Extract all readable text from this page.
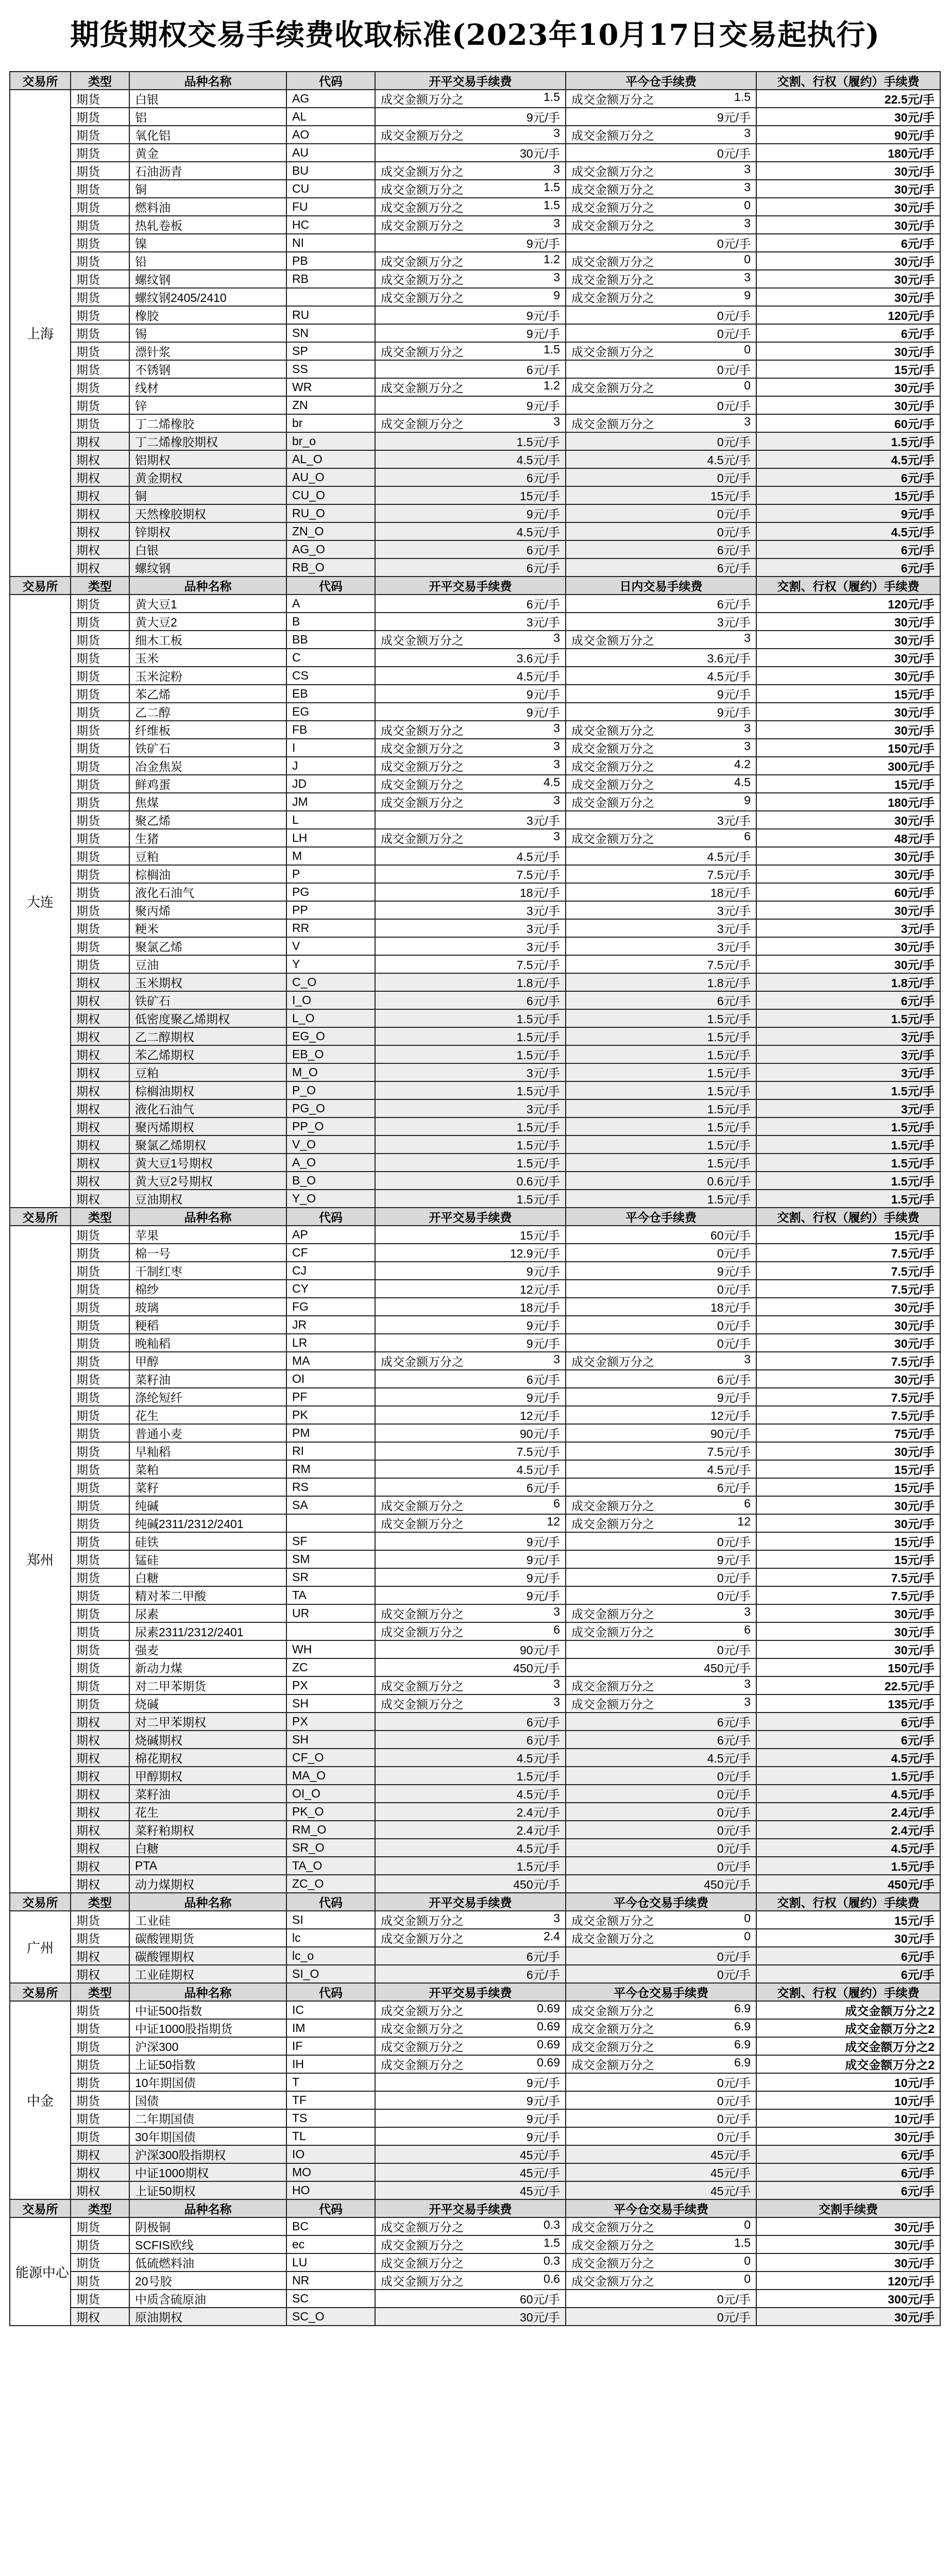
期货期权交易手续费收取标准(2023年10月17日交易起执行)
交易所	类型	品种名称	代码	开平交易手续费	平今仓手续费	交割、行权（履约）手续费
上海	期货	白银	AG	成交金额万分之 1.5	成交金额万分之 1.5	22.5元/手
	期货	铝	AL	9元/手	9元/手	30元/手
	期货	氧化铝	AO	成交金额万分之 3	成交金额万分之 3	90元/手
	期货	黄金	AU	30元/手	0元/手	180元/手
	期货	石油沥青	BU	成交金额万分之 3	成交金额万分之 3	30元/手
	期货	铜	CU	成交金额万分之 1.5	成交金额万分之 3	30元/手
	期货	燃料油	FU	成交金额万分之 1.5	成交金额万分之 0	30元/手
	期货	热轧卷板	HC	成交金额万分之 3	成交金额万分之 3	30元/手
	期货	镍	NI	9元/手	0元/手	6元/手
	期货	铅	PB	成交金额万分之 1.2	成交金额万分之 0	30元/手
	期货	螺纹钢	RB	成交金额万分之 3	成交金额万分之 3	30元/手
	期货	螺纹钢2405/2410		成交金额万分之 9	成交金额万分之 9	30元/手
	期货	橡胶	RU	9元/手	0元/手	120元/手
	期货	锡	SN	9元/手	0元/手	6元/手
	期货	漂针浆	SP	成交金额万分之 1.5	成交金额万分之 0	30元/手
	期货	不锈钢	SS	6元/手	0元/手	15元/手
	期货	线材	WR	成交金额万分之 1.2	成交金额万分之 0	30元/手
	期货	锌	ZN	9元/手	0元/手	30元/手
	期货	丁二烯橡胶	br	成交金额万分之 3	成交金额万分之 3	60元/手
	期权	丁二烯橡胶期权	br_o	1.5元/手	0元/手	1.5元/手
	期权	铝期权	AL_O	4.5元/手	4.5元/手	4.5元/手
	期权	黄金期权	AU_O	6元/手	0元/手	6元/手
	期权	铜	CU_O	15元/手	15元/手	15元/手
	期权	天然橡胶期权	RU_O	9元/手	0元/手	9元/手
	期权	锌期权	ZN_O	4.5元/手	0元/手	4.5元/手
	期权	白银	AG_O	6元/手	6元/手	6元/手
	期权	螺纹钢	RB_O	6元/手	6元/手	6元/手
交易所	类型	品种名称	代码	开平交易手续费	日内交易手续费	交割、行权（履约）手续费
大连	期货	黄大豆1	A	6元/手	6元/手	120元/手
	期货	黄大豆2	B	3元/手	3元/手	30元/手
	期货	细木工板	BB	成交金额万分之 3	成交金额万分之 3	30元/手
	期货	玉米	C	3.6元/手	3.6元/手	30元/手
	期货	玉米淀粉	CS	4.5元/手	4.5元/手	30元/手
	期货	苯乙烯	EB	9元/手	9元/手	15元/手
	期货	乙二醇	EG	9元/手	9元/手	30元/手
	期货	纤维板	FB	成交金额万分之 3	成交金额万分之 3	30元/手
	期货	铁矿石	I	成交金额万分之 3	成交金额万分之 3	150元/手
	期货	冶金焦炭	J	成交金额万分之 3	成交金额万分之 4.2	300元/手
	期货	鲜鸡蛋	JD	成交金额万分之 4.5	成交金额万分之 4.5	15元/手
	期货	焦煤	JM	成交金额万分之 3	成交金额万分之 9	180元/手
	期货	聚乙烯	L	3元/手	3元/手	30元/手
	期货	生猪	LH	成交金额万分之 3	成交金额万分之 6	48元/手
	期货	豆粕	M	4.5元/手	4.5元/手	30元/手
	期货	棕榈油	P	7.5元/手	7.5元/手	30元/手
	期货	液化石油气	PG	18元/手	18元/手	60元/手
	期货	聚丙烯	PP	3元/手	3元/手	30元/手
	期货	粳米	RR	3元/手	3元/手	3元/手
	期货	聚氯乙烯	V	3元/手	3元/手	30元/手
	期货	豆油	Y	7.5元/手	7.5元/手	30元/手
	期权	玉米期权	C_O	1.8元/手	1.8元/手	1.8元/手
	期权	铁矿石	I_O	6元/手	6元/手	6元/手
	期权	低密度聚乙烯期权	L_O	1.5元/手	1.5元/手	1.5元/手
	期权	乙二醇期权	EG_O	1.5元/手	1.5元/手	3元/手
	期权	苯乙烯期权	EB_O	1.5元/手	1.5元/手	3元/手
	期权	豆粕	M_O	3元/手	1.5元/手	3元/手
	期权	棕榈油期权	P_O	1.5元/手	1.5元/手	1.5元/手
	期权	液化石油气	PG_O	3元/手	1.5元/手	3元/手
	期权	聚丙烯期权	PP_O	1.5元/手	1.5元/手	1.5元/手
	期权	聚氯乙烯期权	V_O	1.5元/手	1.5元/手	1.5元/手
	期权	黄大豆1号期权	A_O	1.5元/手	1.5元/手	1.5元/手
	期权	黄大豆2号期权	B_O	0.6元/手	0.6元/手	1.5元/手
	期权	豆油期权	Y_O	1.5元/手	1.5元/手	1.5元/手
交易所	类型	品种名称	代码	开平交易手续费	平今仓手续费	交割、行权（履约）手续费
郑州	期货	苹果	AP	15元/手	60元/手	15元/手
	期货	棉一号	CF	12.9元/手	0元/手	7.5元/手
	期货	干制红枣	CJ	9元/手	9元/手	7.5元/手
	期货	棉纱	CY	12元/手	0元/手	7.5元/手
	期货	玻璃	FG	18元/手	18元/手	30元/手
	期货	粳稻	JR	9元/手	0元/手	30元/手
	期货	晚籼稻	LR	9元/手	0元/手	30元/手
	期货	甲醇	MA	成交金额万分之 3	成交金额万分之 3	7.5元/手
	期货	菜籽油	OI	6元/手	6元/手	30元/手
	期货	涤纶短纤	PF	9元/手	9元/手	7.5元/手
	期货	花生	PK	12元/手	12元/手	7.5元/手
	期货	普通小麦	PM	90元/手	90元/手	75元/手
	期货	早籼稻	RI	7.5元/手	7.5元/手	30元/手
	期货	菜粕	RM	4.5元/手	4.5元/手	15元/手
	期货	菜籽	RS	6元/手	6元/手	15元/手
	期货	纯碱	SA	成交金额万分之 6	成交金额万分之 6	30元/手
	期货	纯碱2311/2312/2401		成交金额万分之 12	成交金额万分之 12	30元/手
	期货	硅铁	SF	9元/手	0元/手	15元/手
	期货	锰硅	SM	9元/手	9元/手	15元/手
	期货	白糖	SR	9元/手	0元/手	7.5元/手
	期货	精对苯二甲酸	TA	9元/手	0元/手	7.5元/手
	期货	尿素	UR	成交金额万分之 3	成交金额万分之 3	30元/手
	期货	尿素2311/2312/2401		成交金额万分之 6	成交金额万分之 6	30元/手
	期货	强麦	WH	90元/手	0元/手	30元/手
	期货	新动力煤	ZC	450元/手	450元/手	150元/手
	期货	对二甲苯期货	PX	成交金额万分之 3	成交金额万分之 3	22.5元/手
	期货	烧碱	SH	成交金额万分之 3	成交金额万分之 3	135元/手
	期权	对二甲苯期权	PX	6元/手	6元/手	6元/手
	期权	烧碱期权	SH	6元/手	6元/手	6元/手
	期权	棉花期权	CF_O	4.5元/手	4.5元/手	4.5元/手
	期权	甲醇期权	MA_O	1.5元/手	0元/手	1.5元/手
	期权	菜籽油	OI_O	4.5元/手	0元/手	4.5元/手
	期权	花生	PK_O	2.4元/手	0元/手	2.4元/手
	期权	菜籽粕期权	RM_O	2.4元/手	0元/手	2.4元/手
	期权	白糖	SR_O	4.5元/手	0元/手	4.5元/手
	期权	PTA	TA_O	1.5元/手	0元/手	1.5元/手
	期权	动力煤期权	ZC_O	450元/手	450元/手	450元/手
交易所	类型	品种名称	代码	开平交易手续费	平今仓交易手续费	交割、行权（履约）手续费
广州	期货	工业硅	SI	成交金额万分之 3	成交金额万分之 0	15元/手
	期货	碳酸锂期货	lc	成交金额万分之 2.4	成交金额万分之 0	30元/手
	期权	碳酸锂期权	lc_o	6元/手	0元/手	6元/手
	期权	工业硅期权	SI_O	6元/手	0元/手	6元/手
交易所	类型	品种名称	代码	开平交易手续费	平今仓交易手续费	交割、行权（履约）手续费
中金	期货	中证500指数	IC	成交金额万分之 0.69	成交金额万分之 6.9	成交金额万分之2
	期货	中证1000股指期货	IM	成交金额万分之 0.69	成交金额万分之 6.9	成交金额万分之2
	期货	沪深300	IF	成交金额万分之 0.69	成交金额万分之 6.9	成交金额万分之2
	期货	上证50指数	IH	成交金额万分之 0.69	成交金额万分之 6.9	成交金额万分之2
	期货	10年期国债	T	9元/手	0元/手	10元/手
	期货	国债	TF	9元/手	0元/手	10元/手
	期货	二年期国债	TS	9元/手	0元/手	10元/手
	期货	30年期国债	TL	9元/手	0元/手	30元/手
	期权	沪深300股指期权	IO	45元/手	45元/手	6元/手
	期权	中证1000期权	MO	45元/手	45元/手	6元/手
	期权	上证50期权	HO	45元/手	45元/手	6元/手
交易所	类型	品种名称	代码	开平交易手续费	平今仓交易手续费	交割手续费
能源中心	期货	阴极铜	BC	成交金额万分之 0.3	成交金额万分之 0	30元/手
	期货	SCFIS欧线	ec	成交金额万分之 1.5	成交金额万分之 1.5	30元/手
	期货	低硫燃料油	LU	成交金额万分之 0.3	成交金额万分之 0	30元/手
	期货	20号胶	NR	成交金额万分之 0.6	成交金额万分之 0	120元/手
	期货	中质含硫原油	SC	60元/手	0元/手	300元/手
	期权	原油期权	SC_O	30元/手	0元/手	30元/手
